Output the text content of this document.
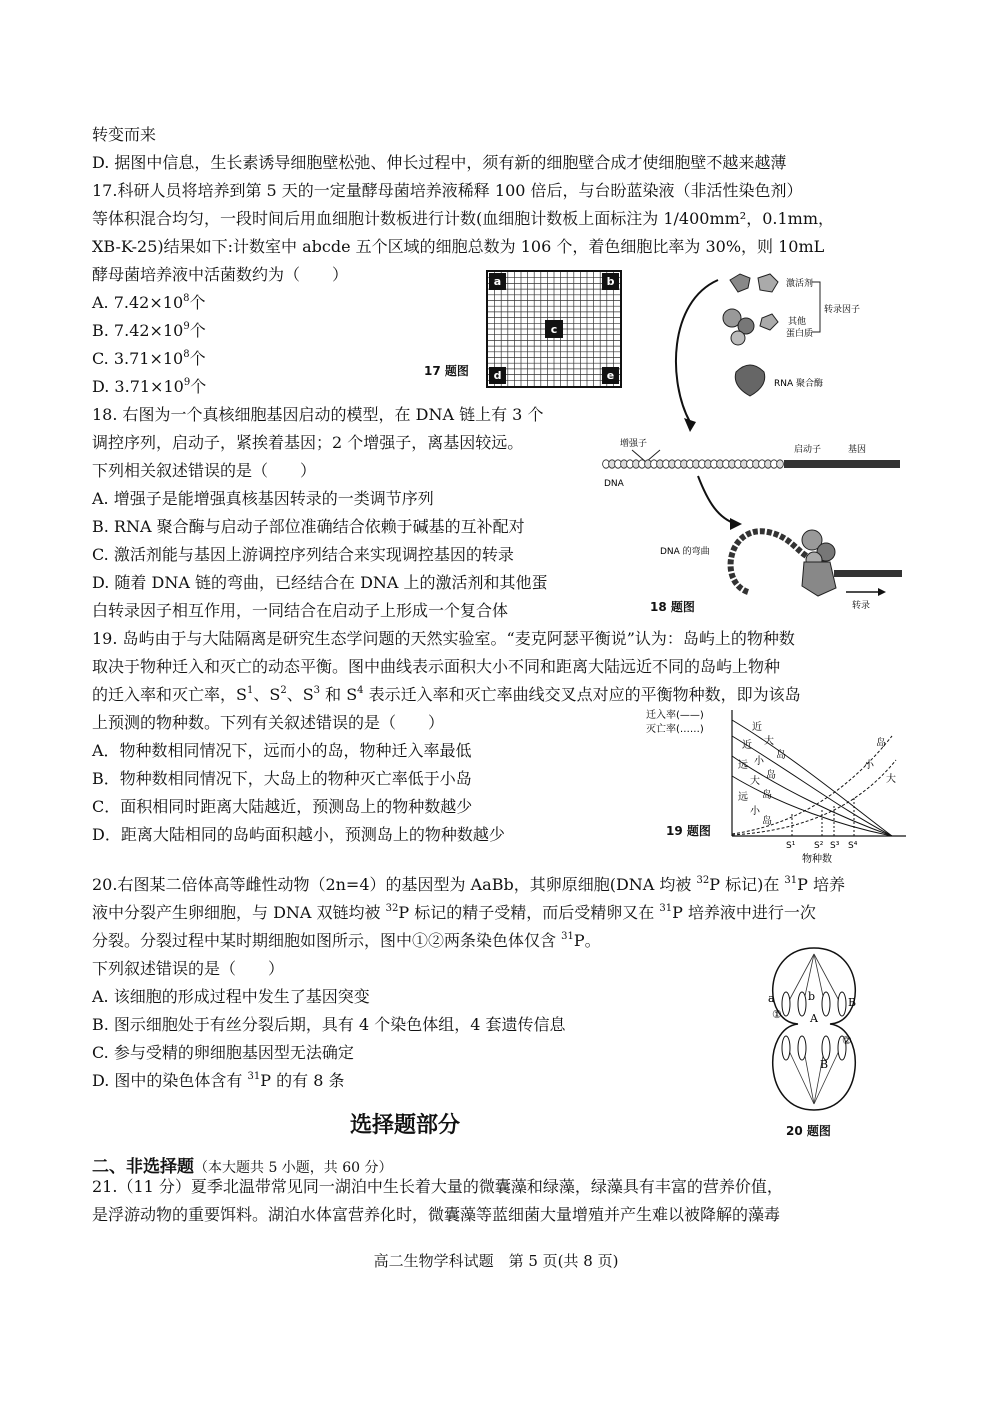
转变而来
D. 据图中信息，生长素诱导细胞壁松弛、伸长过程中，须有新的细胞壁合成才使细胞壁不越来越薄
17.科研人员将培养到第 5 天的一定量酵母菌培养液稀释 100 倍后，与台盼蓝染液（非活性染色剂）
等体积混合均匀，一段时间后用血细胞计数板进行计数(血细胞计数板上面标注为 1/400mm²，0.1mm，
XB-K-25)结果如下:计数室中 abcde 五个区域的细胞总数为 106 个，着色细胞比率为 30%，则 10mL
酵母菌培养液中活菌数约为（　　）
A. $7.42\times 10^8$个
B. $7.42\times 10^9$个
C. $3.71\times 10^8$个
D. $3.71\times 10^9$个
a	b
c
d	e
17 题图
18. 右图为一个真核细胞基因启动的模型，在 DNA 链上有 3 个
调控序列，启动子，紧挨着基因；2 个增强子，离基因较远。
下列相关叙述错误的是（　　）
A. 增强子是能增强真核基因转录的一类调节序列
B. RNA 聚合酶与启动子部位准确结合依赖于碱基的互补配对
C. 激活剂能与基因上游调控序列结合来实现调控基因的转录
D. 随着 DNA 链的弯曲，已经结合在 DNA 上的激活剂和其他蛋
白转录因子相互作用，一同结合在启动子上形成一个复合体
激活剂
转录因子
其他
蛋白质
RNA 聚合酶
增强子
启动子	基因
DNA
DNA 的弯曲
转录
18 题图
19. 岛屿由于与大陆隔离是研究生态学问题的天然实验室。“麦克阿瑟平衡说”认为：岛屿上的物种数
取决于物种迁入和灭亡的动态平衡。图中曲线表示面积大小不同和距离大陆远近不同的岛屿上物种
的迁入率和灭亡率，$S^1$、$S^2$、$S^3$ 和 $S^4$ 表示迁入率和灭亡率曲线交叉点对应的平衡物种数，即为该岛
上预测的物种数。下列有关叙述错误的是（　　）
A．物种数相同情况下，远而小的岛，物种迁入率最低
B．物种数相同情况下，大岛上的物种灭亡率低于小岛
C．面积相同时距离大陆越近，预测岛上的物种数越少
D．距离大陆相同的岛屿面积越小，预测岛上的物种数越少
迁入率(——)
灭亡率(……)
S¹ S² S³ S⁴
物种数
近
大
岛
近
小
岛
远
大
岛
远
小
岛
岛
小
大
19 题图
20.右图某二倍体高等雌性动物（2n=4）的基因型为 AaBb，其卵原细胞(DNA 均被 $^{32}$P 标记)在 $^{31}$P 培养
液中分裂产生卵细胞，与 DNA 双链均被 $^{32}$P 标记的精子受精，而后受精卵又在 $^{31}$P 培养液中进行一次
分裂。分裂过程中某时期细胞如图所示，图中①②两条染色体仅含 $^{31}$P。
下列叙述错误的是（　　）
A. 该细胞的形成过程中发生了基因突变
B. 图示细胞处于有丝分裂后期，具有 4 个染色体组，4 套遗传信息
C. 参与受精的卵细胞基因型无法确定
D. 图中的染色体含有 $^{31}$P 的有 8 条
a	b	B
①	A
②
B
20 题图
选择题部分
二、非选择题（本大题共 5 小题，共 60 分）
21.（11 分）夏季北温带常见同一湖泊中生长着大量的微囊藻和绿藻，绿藻具有丰富的营养价值，
是浮游动物的重要饵料。湖泊水体富营养化时，微囊藻等蓝细菌大量增殖并产生难以被降解的藻毒
高二生物学科试题　第 5 页(共 8 页)
